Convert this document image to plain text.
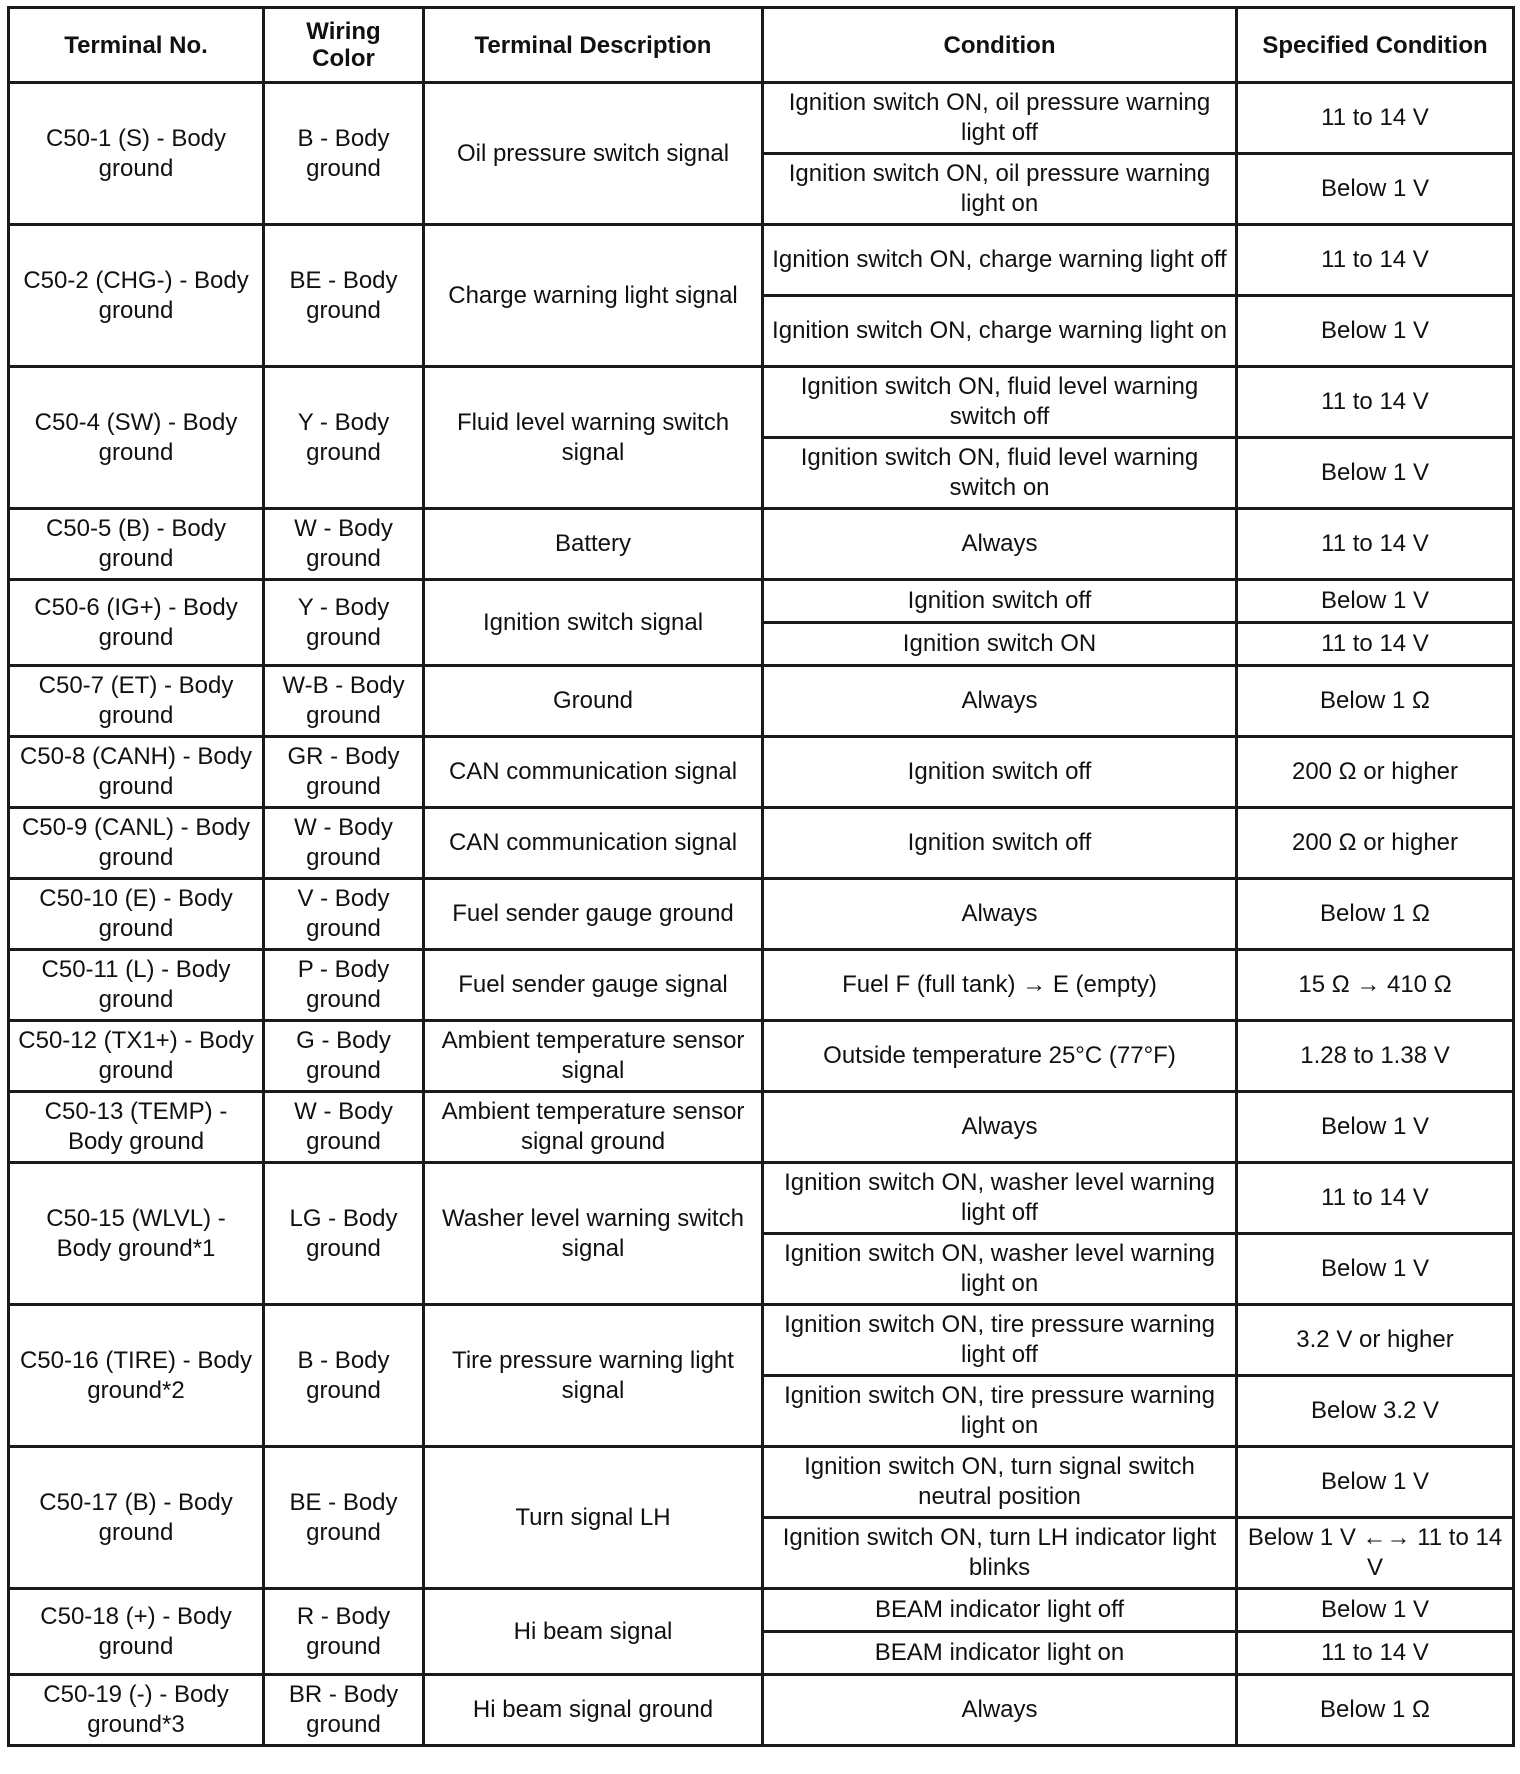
Terminal No.	Wiring Color	Terminal Description	Condition	Specified Condition
C50-1 (S) - Body ground	B - Body ground	Oil pressure switch signal	Ignition switch ON, oil pressure warning light off	11 to 14 V
			Ignition switch ON, oil pressure warning light on	Below 1 V
C50-2 (CHG-) - Body ground	BE - Body ground	Charge warning light signal	Ignition switch ON, charge warning light off	11 to 14 V
			Ignition switch ON, charge warning light on	Below 1 V
C50-4 (SW) - Body ground	Y - Body ground	Fluid level warning switch signal	Ignition switch ON, fluid level warning switch off	11 to 14 V
			Ignition switch ON, fluid level warning switch on	Below 1 V
C50-5 (B) - Body ground	W - Body ground	Battery	Always	11 to 14 V
C50-6 (IG+) - Body ground	Y - Body ground	Ignition switch signal	Ignition switch off	Below 1 V
			Ignition switch ON	11 to 14 V
C50-7 (ET) - Body ground	W-B - Body ground	Ground	Always	Below 1 Ω
C50-8 (CANH) - Body ground	GR - Body ground	CAN communication signal	Ignition switch off	200 Ω or higher
C50-9 (CANL) - Body ground	W - Body ground	CAN communication signal	Ignition switch off	200 Ω or higher
C50-10 (E) - Body ground	V - Body ground	Fuel sender gauge ground	Always	Below 1 Ω
C50-11 (L) - Body ground	P - Body ground	Fuel sender gauge signal	Fuel F (full tank) → E (empty)	15 Ω → 410 Ω
C50-12 (TX1+) - Body ground	G - Body ground	Ambient temperature sensor signal	Outside temperature 25°C (77°F)	1.28 to 1.38 V
C50-13 (TEMP) - Body ground	W - Body ground	Ambient temperature sensor signal ground	Always	Below 1 V
C50-15 (WLVL) - Body ground*1	LG - Body ground	Washer level warning switch signal	Ignition switch ON, washer level warning light off	11 to 14 V
			Ignition switch ON, washer level warning light on	Below 1 V
C50-16 (TIRE) - Body ground*2	B - Body ground	Tire pressure warning light signal	Ignition switch ON, tire pressure warning light off	3.2 V or higher
			Ignition switch ON, tire pressure warning light on	Below 3.2 V
C50-17 (B) - Body ground	BE - Body ground	Turn signal LH	Ignition switch ON, turn signal switch neutral position	Below 1 V
			Ignition switch ON, turn LH indicator light blinks	Below 1 V ←→ 11 to 14 V
C50-18 (+) - Body ground	R - Body ground	Hi beam signal	BEAM indicator light off	Below 1 V
			BEAM indicator light on	11 to 14 V
C50-19 (-) - Body ground*3	BR - Body ground	Hi beam signal ground	Always	Below 1 Ω
